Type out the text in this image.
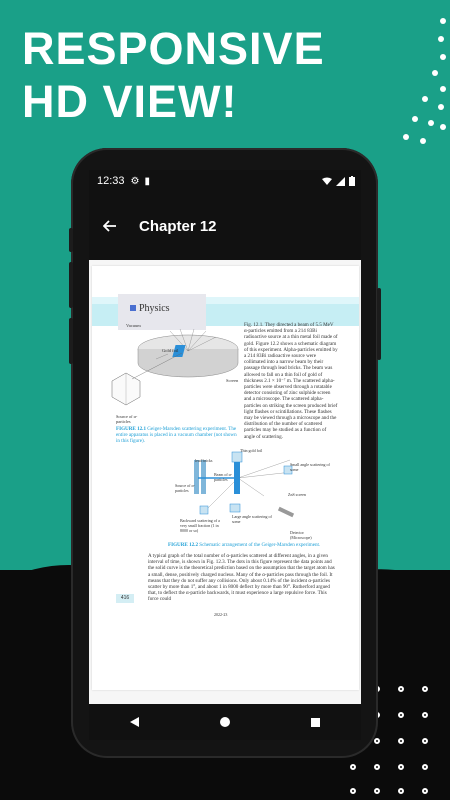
RESPONSIVE
HD VIEW!
12:33 ⚙ ▮
Chapter 12
Physics
Vacuum
Gold foil
Screen
Source of α-particles
FIGURE 12.1 Geiger-Marsden scattering experiment. The entire apparatus is placed in a vacuum chamber (not shown in this figure).
Fig. 12.1. They directed a beam of 5.5 MeV α-particles emitted from a 214 83Bi radioactive source at a thin metal foil made of gold. Figure 12.2 shows a schematic diagram of this experiment. Alpha-particles emitted by a 214 83Bi radioactive source were collimated into a narrow beam by their passage through lead bricks. The beam was allowed to fall on a thin foil of gold of thickness 2.1 × 10⁻⁷ m. The scattered alpha-particles were observed through a rotatable detector consisting of zinc sulphide screen and a microscope. The scattered alpha-particles on striking the screen produced brief light flashes or scintillations. These flashes may be viewed through a microscope and the distribution of the number of scattered particles may be studied as a function of angle of scattering.
lead bricks
Source of α-particles
Beam of α-particles
Thin gold foil
Small angle scattering of some
ZnS screen
Large angle scattering of some
Backward scattering of a very small fraction (1 in 8000 or so)	Detector (Microscope)
FIGURE 12.2 Schematic arrangement of the Geiger-Marsden experiment.
A typical graph of the total number of α-particles scattered at different angles, in a given interval of time, is shown in Fig. 12.3. The dots in this figure represent the data points and the solid curve is the theoretical prediction based on the assumption that the target atom has a small, dense, positively charged nucleus. Many of the α-particles pass through the foil. It means that they do not suffer any collisions. Only about 0.14% of the incident α-particles scatter by more than 1°, and about 1 in 8000 deflect by more than 90°. Rutherford argued that, to deflect the α-particle backwards, it must experience a large repulsive force. This force could
416
2022-23
